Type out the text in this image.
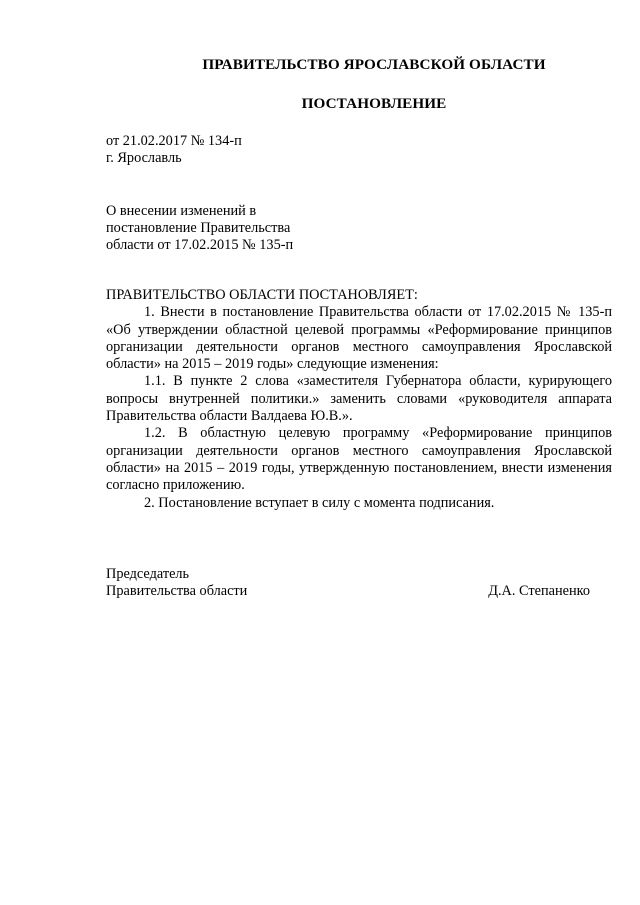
ПРАВИТЕЛЬСТВО ЯРОСЛАВСКОЙ ОБЛАСТИ
ПОСТАНОВЛЕНИЕ
от 21.02.2017 № 134-п
г. Ярославль
О внесении изменений в
постановление Правительства
области от 17.02.2015 № 135-п

ПРАВИТЕЛЬСТВО ОБЛАСТИ ПОСТАНОВЛЯЕТ:

1. Внести в постановление Правительства области от 17.02.2015 № 135-п «Об утверждении областной целевой программы «Реформирование принципов организации деятельности органов местного самоуправления Ярославской области» на 2015 – 2019 годы» следующие изменения:

1.1. В пункте 2 слова «заместителя Губернатора области, курирующего вопросы внутренней политики.» заменить словами «руководителя аппарата Правительства области Валдаева Ю.В.».

1.2. В областную целевую программу «Реформирование принципов организации деятельности органов местного самоуправления Ярославской области» на 2015 – 2019 годы, утвержденную постановлением, внести изменения согласно приложению.

2. Постановление вступает в силу с момента подписания.

Председатель
Правительства области	Д.А. Степаненко
